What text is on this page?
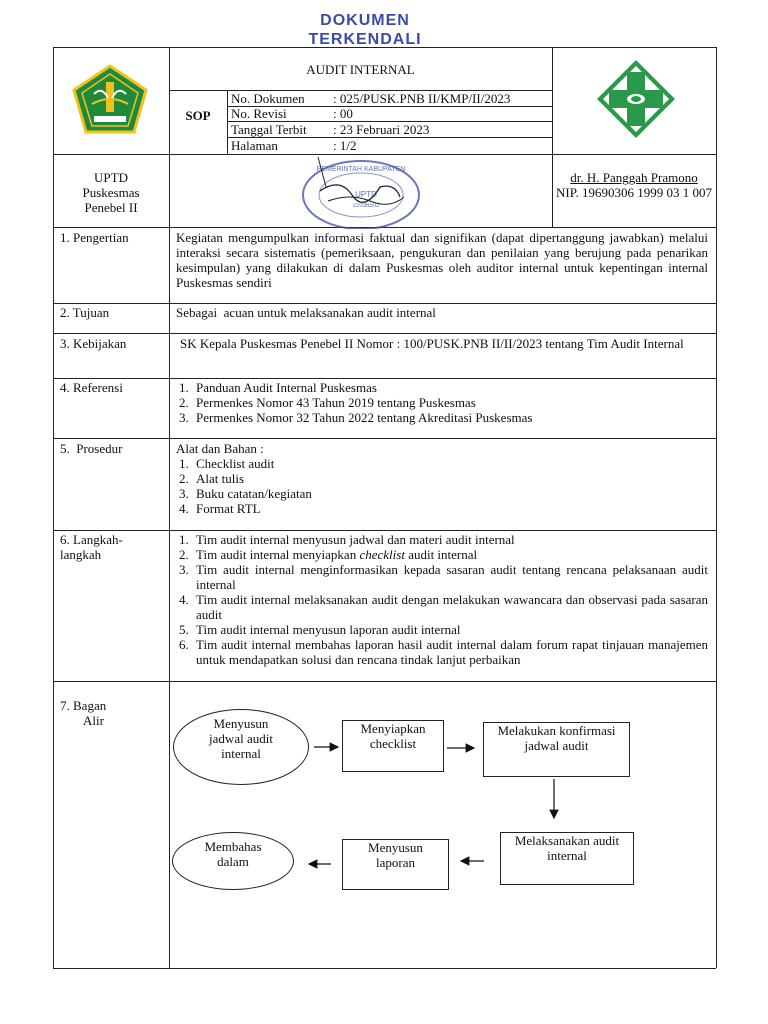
DOKUMEN
TERKENDALI
AUDIT INTERNAL
SOP
No. Dokumen : 025/PUSK.PNB II/KMP/II/2023
No. Revisi	: 00
Tanggal Terbit : 23 Februari 2023
Halaman	: 1/2
UPTD
Puskesmas
Penebel II
PEMERINTAH KABUPATEN
UPTD
22036502
dr. H. Panggah Pramono
NIP. 19690306 1999 03 1 007
1. Pengertian	Kegiatan mengumpulkan informasi faktual dan signifikan (dapat dipertanggung jawabkan) melalui interaksi secara sistematis (pemeriksaan, pengukuran dan penilaian yang berujung pada penarikan kesimpulan) yang dilakukan di dalam Puskesmas oleh auditor internal untuk kepentingan internal Puskesmas sendiri
2. Tujuan	Sebagai  acuan untuk melaksanakan audit internal
3. Kebijakan	SK Kepala Puskesmas Penebel II Nomor : 100/PUSK.PNB II/II/2023 tentang Tim Audit Internal
4. Referensi	1. Panduan Audit Internal Puskesmas
2. Permenkes Nomor 43 Tahun 2019 tentang Puskesmas
3. Permenkes Nomor 32 Tahun 2022 tentang Akreditasi Puskesmas
5.  Prosedur	Alat dan Bahan :
1. Checklist audit
2. Alat tulis
3. Buku catatan/kegiatan
4. Format RTL
6. Langkah-
langkah
1. Tim audit internal menyusun jadwal dan materi audit internal
2. Tim audit internal menyiapkan checklist audit internal
3. Tim audit internal menginformasikan kepada sasaran audit tentang rencana pelaksanaan audit internal
4. Tim audit internal melaksanakan audit dengan melakukan wawancara dan observasi pada sasaran audit
5. Tim audit internal menyusun laporan audit internal
6. Tim audit internal membahas laporan hasil audit internal dalam forum rapat tinjauan manajemen untuk mendapatkan solusi dan rencana tindak lanjut perbaikan
7. Bagan
Alir	Menyusun jadwal audit internal
Menyiapkan checklist
Melakukan konfirmasi jadwal audit
Melaksanakan audit internal
Menyusun laporan
Membahas dalam
